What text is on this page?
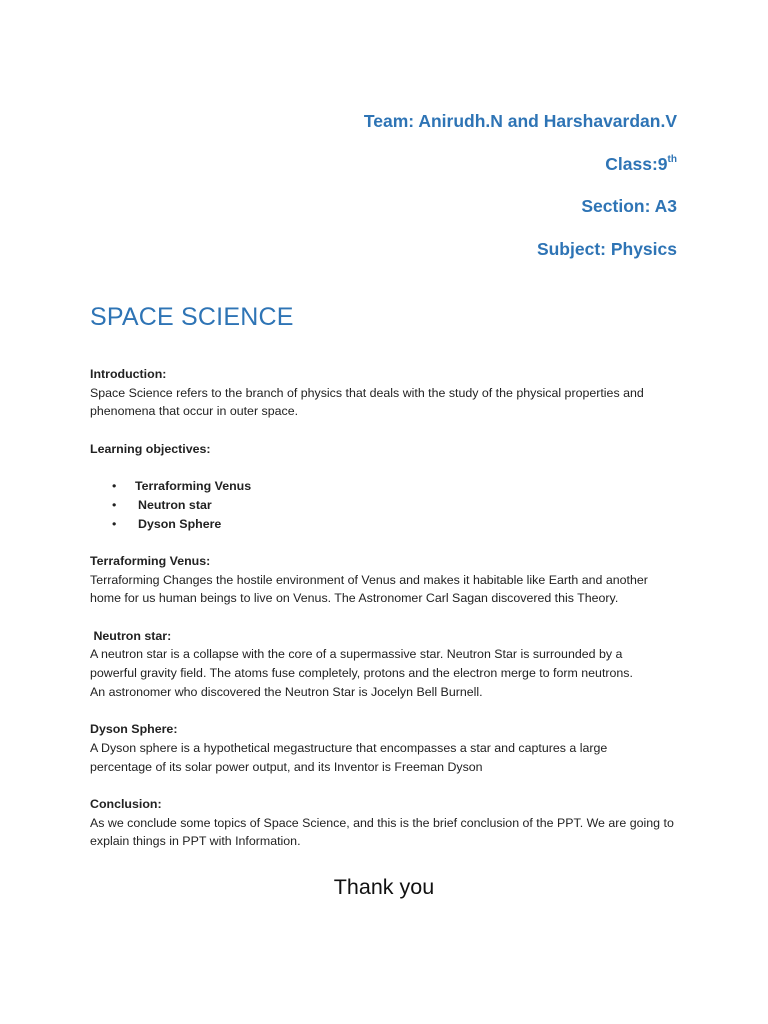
Team: Anirudh.N and Harshavardan.V

Class:9th

Section: A3

Subject: Physics

SPACE SCIENCE

Introduction:

Space Science refers to the branch of physics that deals with the study of the physical properties and

phenomena that occur in outer space.

Learning objectives:

• Terraforming Venus
• Neutron star
• Dyson Sphere

Terraforming Venus:

Terraforming Changes the hostile environment of Venus and makes it habitable like Earth and another

home for us human beings to live on Venus. The Astronomer Carl Sagan discovered this Theory.

Neutron star:

A neutron star is a collapse with the core of a supermassive star. Neutron Star is surrounded by a

powerful gravity field. The atoms fuse completely, protons and the electron merge to form neutrons.

An astronomer who discovered the Neutron Star is Jocelyn Bell Burnell.

Dyson Sphere:

A Dyson sphere is a hypothetical megastructure that encompasses a star and captures a large

percentage of its solar power output, and its Inventor is Freeman Dyson

Conclusion:

As we conclude some topics of Space Science, and this is the brief conclusion of the PPT. We are going to

explain things in PPT with Information.

Thank you
